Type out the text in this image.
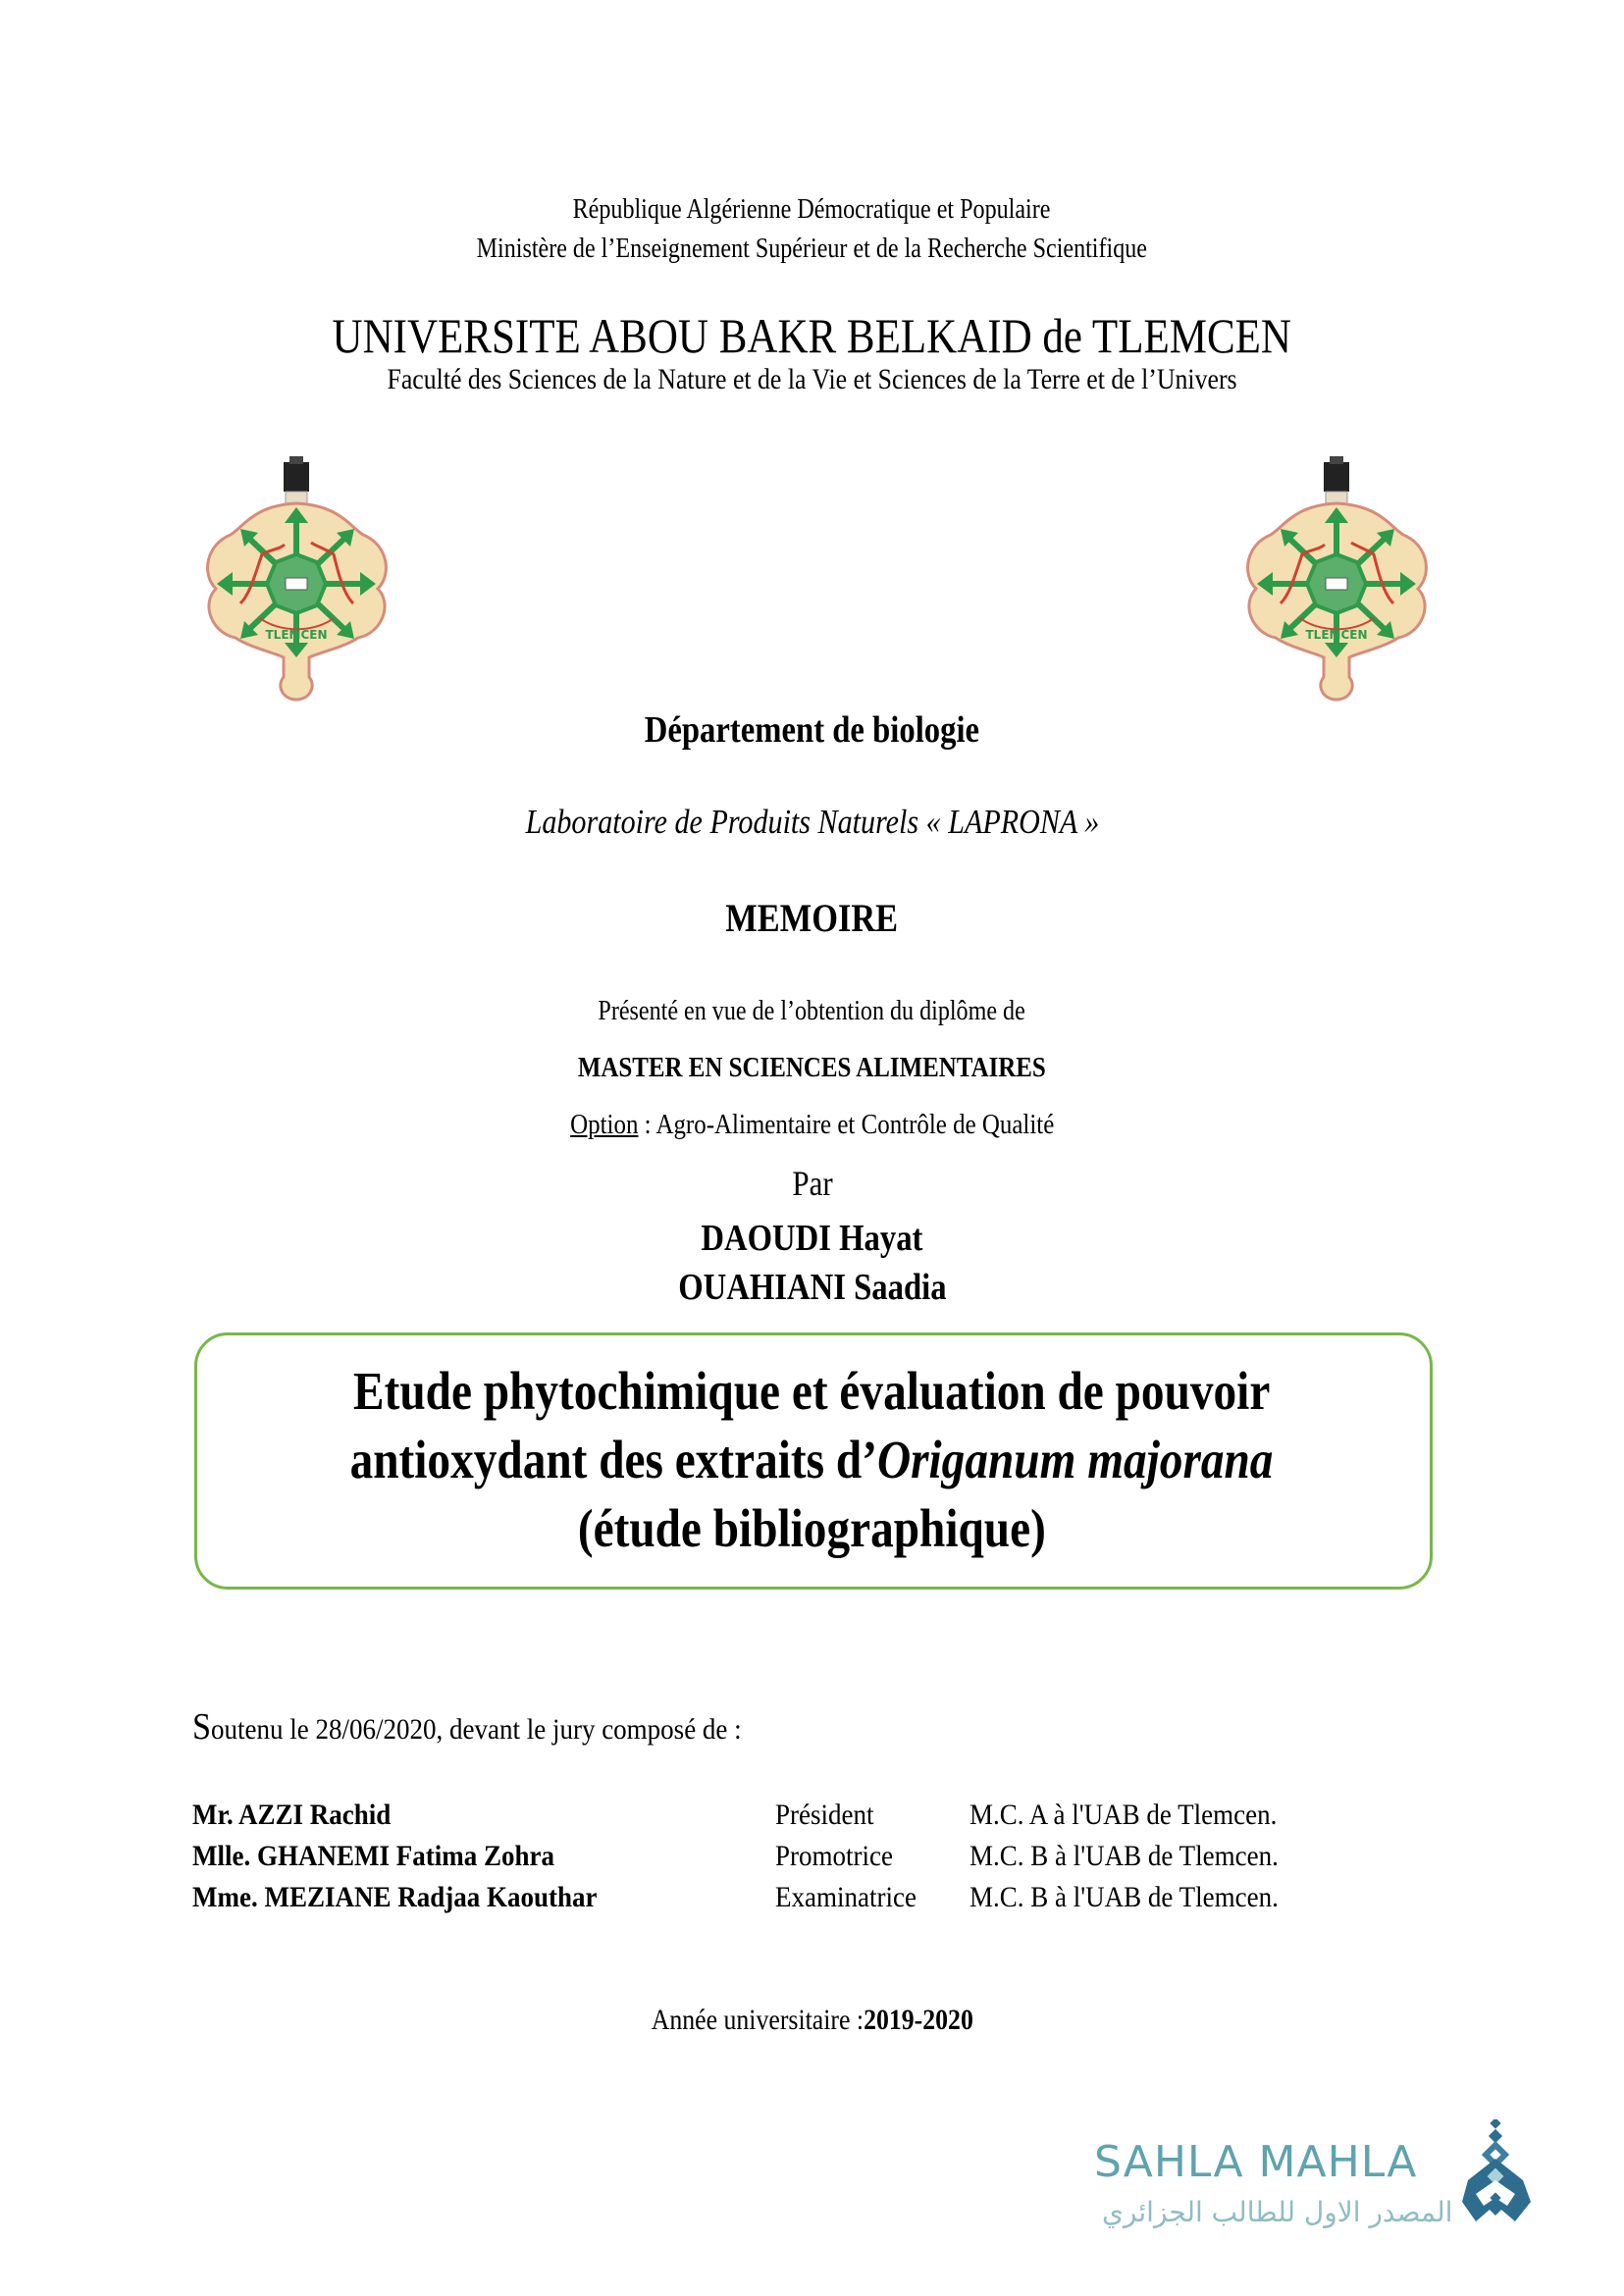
République Algérienne Démocratique et Populaire
Ministère de l’Enseignement Supérieur et de la Recherche Scientifique
UNIVERSITE ABOU BAKR BELKAID de TLEMCEN
Faculté des Sciences de la Nature et de la Vie et Sciences de la Terre et de l’Univers
TLEMCEN	TLEMCEN
Département de biologie
Laboratoire de Produits Naturels « LAPRONA »
MEMOIRE
Présenté en vue de l’obtention du diplôme de
MASTER EN SCIENCES ALIMENTAIRES
Option : Agro-Alimentaire et Contrôle de Qualité
Par
DAOUDI Hayat
OUAHIANI Saadia
Etude phytochimique et évaluation de pouvoir
antioxydant des extraits d’Origanum majorana
(étude bibliographique)
Soutenu le 28/06/2020, devant le jury composé de :
Mr. AZZI Rachid	Président	M.C. A à l'UAB de Tlemcen.
Mlle. GHANEMI Fatima Zohra	Promotrice	M.C. B à l'UAB de Tlemcen.
Mme. MEZIANE Radjaa Kaouthar	Examinatrice M.C. B à l'UAB de Tlemcen.
Année universitaire :2019-2020
SAHLA MAHLA
المصدر الاول للطالب الجزائري
